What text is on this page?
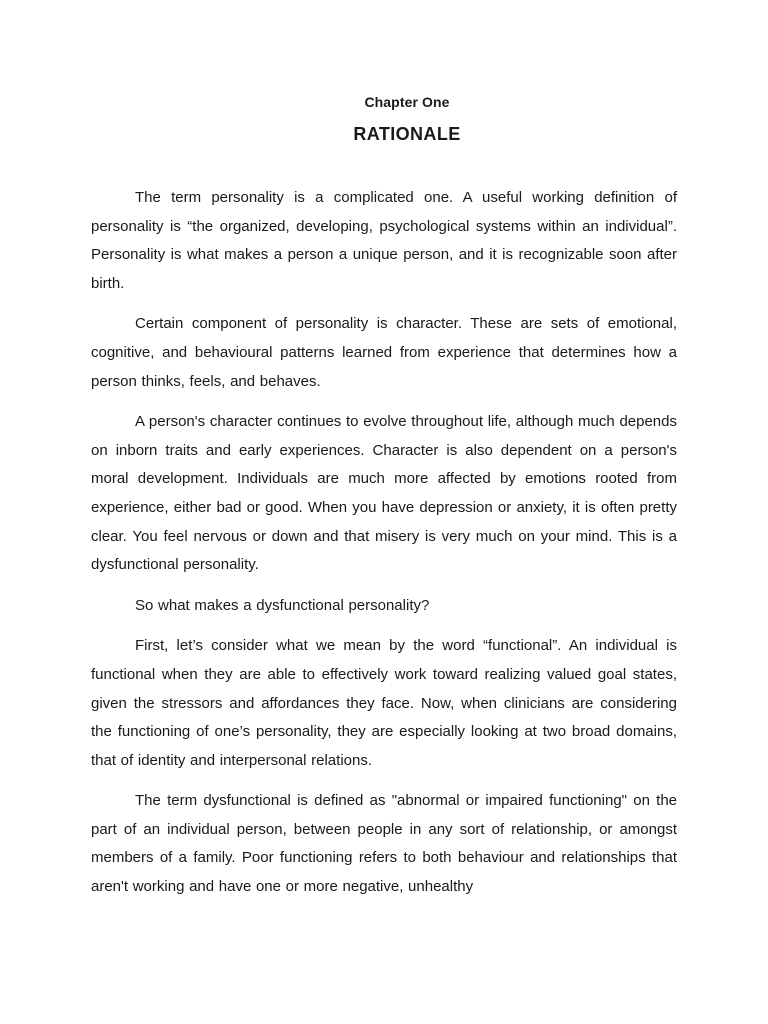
Chapter One
RATIONALE

The term personality is a complicated one. A useful working definition of personality is “the organized, developing, psychological systems within an individual”. Personality is what makes a person a unique person, and it is recognizable soon after birth.

Certain component of personality is character. These are sets of emotional, cognitive, and behavioural patterns learned from experience that determines how a person thinks, feels, and behaves.

A person's character continues to evolve throughout life, although much depends on inborn traits and early experiences. Character is also dependent on a person's moral development. Individuals are much more affected by emotions rooted from experience, either bad or good. When you have depression or anxiety, it is often pretty clear. You feel nervous or down and that misery is very much on your mind. This is a dysfunctional personality.

So what makes a dysfunctional personality?

First, let’s consider what we mean by the word “functional”. An individual is functional when they are able to effectively work toward realizing valued goal states, given the stressors and affordances they face. Now, when clinicians are considering the functioning of one’s personality, they are especially looking at two broad domains, that of identity and interpersonal relations.

The term dysfunctional is defined as "abnormal or impaired functioning" on the part of an individual person, between people in any sort of relationship, or amongst members of a family. Poor functioning refers to both behaviour and relationships that aren't working and have one or more negative, unhealthy
